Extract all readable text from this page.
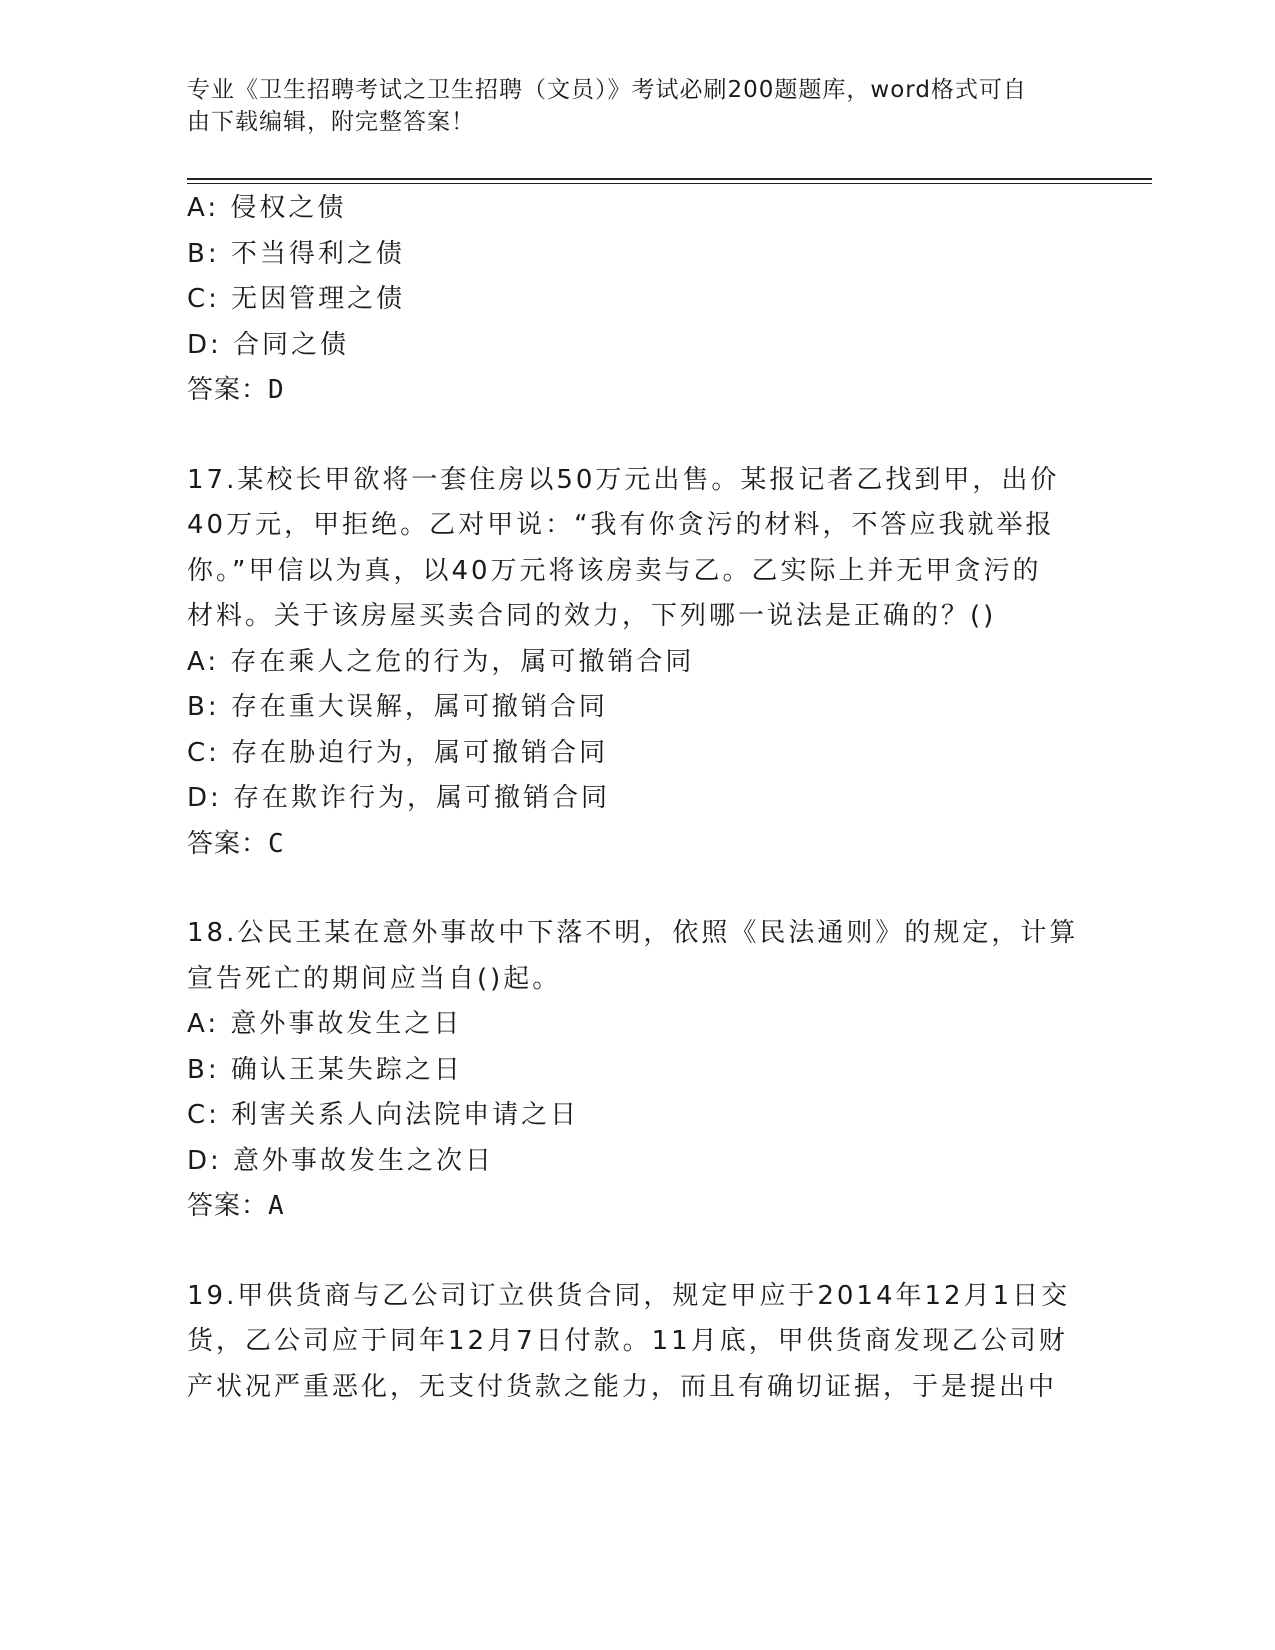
专业《卫生招聘考试之卫生招聘（文员）》考试必刷200题题库，word格式可自
由下载编辑，附完整答案！
A: 侵权之债
B: 不当得利之债
C: 无因管理之债
D: 合同之债
答案：D
17.某校长甲欲将一套住房以50万元出售。某报记者乙找到甲，出价
40万元，甲拒绝。乙对甲说：“我有你贪污的材料，不答应我就举报
你。”甲信以为真，以40万元将该房卖与乙。乙实际上并无甲贪污的
材料。关于该房屋买卖合同的效力，下列哪一说法是正确的？()
A: 存在乘人之危的行为，属可撤销合同
B: 存在重大误解，属可撤销合同
C: 存在胁迫行为，属可撤销合同
D: 存在欺诈行为，属可撤销合同
答案：C
18.公民王某在意外事故中下落不明，依照《民法通则》的规定，计算
宣告死亡的期间应当自()起。
A: 意外事故发生之日
B: 确认王某失踪之日
C: 利害关系人向法院申请之日
D: 意外事故发生之次日
答案：A
19.甲供货商与乙公司订立供货合同，规定甲应于2014年12月1日交
货，乙公司应于同年12月7日付款。11月底，甲供货商发现乙公司财
产状况严重恶化，无支付货款之能力，而且有确切证据，于是提出中
